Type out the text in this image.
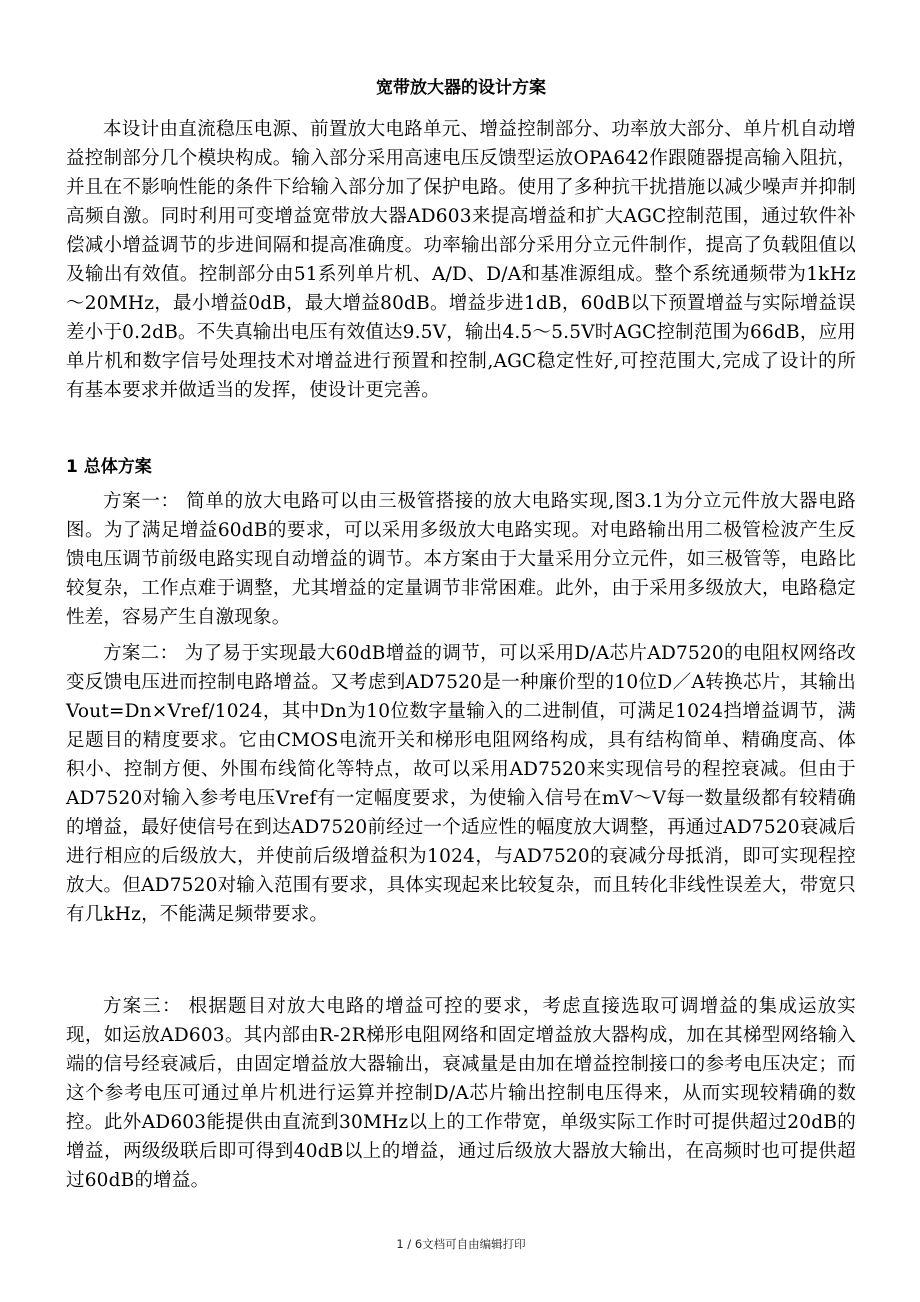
宽带放大器的设计方案

本设计由直流稳压电源、前置放大电路单元、增益控制部分、功率放大部分、单片机自动增益控制部分几个模块构成。输入部分采用高速电压反馈型运放OPA642作跟随器提高输入阻抗，并且在不影响性能的条件下给输入部分加了保护电路。使用了多种抗干扰措施以减少噪声并抑制高频自激。同时利用可变增益宽带放大器AD603来提高增益和扩大AGC控制范围，通过软件补偿减小增益调节的步进间隔和提高准确度。功率输出部分采用分立元件制作，提高了负载阻值以及输出有效值。控制部分由51系列单片机、A/D、D/A和基准源组成。整个系统通频带为1kHz～20MHz，最小增益0dB，最大增益80dB。增益步进1dB，60dB以下预置增益与实际增益误差小于0.2dB。不失真输出电压有效值达9.5V，输出4.5～5.5V时AGC控制范围为66dB，应用单片机和数字信号处理技术对增益进行预置和控制,AGC稳定性好,可控范围大,完成了设计的所有基本要求并做适当的发挥，使设计更完善。

1 总体方案

方案一： 简单的放大电路可以由三极管搭接的放大电路实现,图3.1为分立元件放大器电路图。为了满足增益60dB的要求，可以采用多级放大电路实现。对电路输出用二极管检波产生反馈电压调节前级电路实现自动增益的调节。本方案由于大量采用分立元件，如三极管等，电路比较复杂，工作点难于调整，尤其增益的定量调节非常困难。此外，由于采用多级放大，电路稳定性差，容易产生自激现象。

方案二： 为了易于实现最大60dB增益的调节，可以采用D/A芯片AD7520的电阻权网络改变反馈电压进而控制电路增益。又考虑到AD7520是一种廉价型的10位D／A转换芯片，其输出Vout=Dn×Vref/1024，其中Dn为10位数字量输入的二进制值，可满足1024挡增益调节，满足题目的精度要求。它由CMOS电流开关和梯形电阻网络构成，具有结构简单、精确度高、体积小、控制方便、外围布线简化等特点，故可以采用AD7520来实现信号的程控衰减。但由于AD7520对输入参考电压Vref有一定幅度要求，为使输入信号在mV～V每一数量级都有较精确的增益，最好使信号在到达AD7520前经过一个适应性的幅度放大调整，再通过AD7520衰减后进行相应的后级放大，并使前后级增益积为1024，与AD7520的衰减分母抵消，即可实现程控放大。但AD7520对输入范围有要求，具体实现起来比较复杂，而且转化非线性误差大，带宽只有几kHz，不能满足频带要求。

方案三： 根据题目对放大电路的增益可控的要求，考虑直接选取可调增益的集成运放实现，如运放AD603。其内部由R-2R梯形电阻网络和固定增益放大器构成，加在其梯型网络输入端的信号经衰减后，由固定增益放大器输出，衰减量是由加在增益控制接口的参考电压决定；而这个参考电压可通过单片机进行运算并控制D/A芯片输出控制电压得来，从而实现较精确的数控。此外AD603能提供由直流到30MHz以上的工作带宽，单级实际工作时可提供超过20dB的增益，两级级联后即可得到40dB以上的增益，通过后级放大器放大输出，在高频时也可提供超过60dB的增益。

1 / 6文档可自由编辑打印
